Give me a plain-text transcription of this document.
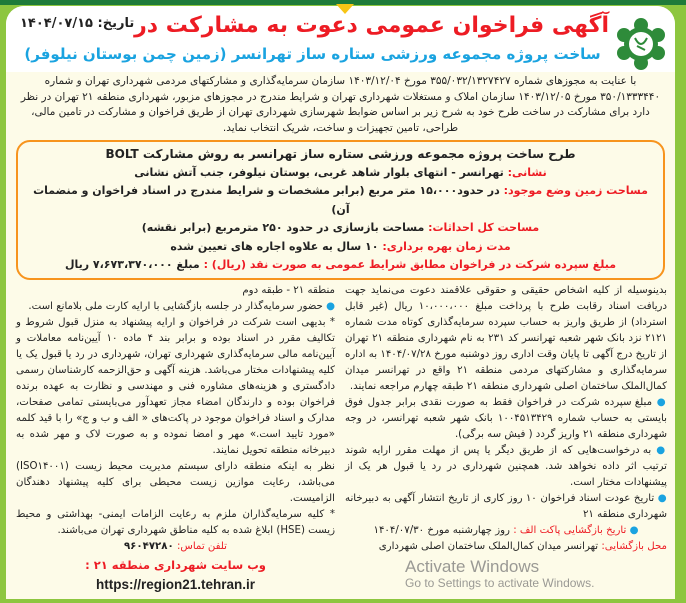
تاریخ: ۱۴۰۴/۰۷/۱۵ آگهی فراخوان عمومی دعوت به مشارکت در
ساخت پروژه مجموعه ورزشی ستاره ساز تهرانسر (زمین چمن بوستان نیلوفر)
با عنایت به مجوزهای شماره ۳۵۵/۰۳۲/۱۳۲۷۴۲۷ مورخ ۱۴۰۳/۱۲/۰۴ سازمان سرمایه‌گذاری و مشارکتهای مردمی شهرداری تهران و شماره ۳۵۰/۱۳۳۳۴۴۰ مورخ ۱۴۰۳/۱۲/۰۵ سازمان املاک و مستغلات شهرداری تهران و شرایط مندرج در مجوزهای مزبور، شهرداری منطقه ۲۱ تهران در نظر دارد برای مشارکت در ساخت طرح خود به شرح زیر بر اساس ضوابط شهرسازی شهرداری تهران از طریق فراخوان و مشارکت در تامین مالی، طراحی، تامین تجهیزات و ساخت، شریک انتخاب نماید.
طرح ساخت پروژه مجموعه ورزشی ستاره ساز تهرانسر به روش مشارکت BOLT
نشانی: تهرانسر - انتهای بلوار شاهد غربی، بوستان نیلوفر، جنب آتش نشانی
مساحت زمین وضع موجود: در حدود۱۵،۰۰۰ متر مربع (برابر مشخصات و شرایط مندرج در اسناد فراخوان و منضمات آن)
مساحت کل احداثات: مساحت بازسازی در حدود ۲۵۰ مترمربع (برابر نقشه)
مدت زمان بهره برداری: ۱۰ سال به علاوه اجاره های تعیین شده
مبلغ سپرده شرکت در فراخوان مطابق شرایط عمومی به صورت نقد (ریال) : مبلغ ۷،۶۷۳،۳۷۰،۰۰۰ ریال
بدینوسیله از کلیه اشخاص حقیقی و حقوقی علاقمند دعوت می‌نماید جهت دریافت اسناد رقابت طرح با پرداخت مبلغ ۱۰،۰۰۰،۰۰۰ ریال (غیر قابل استرداد) از طریق واریز به حساب سپرده سرمایه‌گذاری کوتاه مدت شماره ۲۱۲۱ نزد بانک شهر شعبه تهرانسر کد ۲۳۱ به نام شهرداری منطقه ۲۱ تهران از تاریخ درج آگهی تا پایان وقت اداری روز دوشنبه مورخ ۱۴۰۴/۰۷/۲۸ به اداره سرمایه‌گذاری و مشارکتهای مردمی منطقه ۲۱ واقع در تهرانسر میدان کمال‌الملک ساختمان اصلی شهرداری منطقه ۲۱ طبقه چهارم مراجعه نمایند.
● مبلغ سپرده شرکت در فراخوان فقط به صورت نقدی برابر جدول فوق بایستی به حساب شماره ۱۰۰۴۵۱۳۴۲۹ بانک شهر شعبه تهرانسر، در وجه شهرداری منطقه ۲۱ واریز گردد ( فیش سه برگی).
● به درخواست‌هایی که از طریق دیگر یا پس از مهلت مقرر ارایه شوند ترتیب اثر داده نخواهد شد. همچنین شهرداری در رد یا قبول هر یک از پیشنهادات مختار است.
● تاریخ عودت اسناد فراخوان ۱۰ روز کاری از تاریخ انتشار آگهی به دبیرخانه شهرداری منطقه ۲۱
● تاریخ بازگشایی پاکت الف : روز چهارشنبه مورخ ۱۴۰۴/۰۷/۳۰
محل بازگشایی: تهرانسر میدان کمال‌الملک ساختمان اصلی شهرداری
Activate Windows
Go to Settings to activate Windows.
منطقه ۲۱ - طبقه دوم
● حضور سرمایه‌گذار در جلسه بازگشایی با ارایه کارت ملی بلامانع است.
* بدیهی است شرکت در فراخوان و ارایه پیشنهاد به منزل قبول شروط و تکالیف مقرر در اسناد بوده و برابر بند ۴ ماده ۱۰ آیین‌نامه معاملات و آیین‌نامه مالی سرمایه‌گذاری شهرداری تهران، شهرداری در رد یا قبول یک یا کلیه پیشنهادات مختار می‌باشد. هزینه آگهی و حق‌الزحمه کارشناسان رسمی دادگستری و هزینه‌های مشاوره فنی و مهندسی و نظارت به عهده برنده فراخوان بوده و دارندگان امضاء مجاز تعهدآور می‌بایستی تمامی صفحات، مدارک و اسناد فراخوان موجود در پاکت‌های « الف و ب و ج» را با قید کلمه «مورد تایید است.» مهر و امضا نموده و به صورت لاک و مهر شده به دبیرخانه منطقه تحویل نمایند.
نظر به اینکه منطقه دارای سیستم مدیریت محیط زیست (ISO۱۴۰۰۱) می‌باشد، رعایت موازین زیست محیطی برای کلیه پیشنهاد دهندگان الزامیست.
* کلیه سرمایه‌گذاران ملزم به رعایت الزامات ایمنی- بهداشتی و محیط زیست (HSE) ابلاغ شده به کلیه مناطق شهرداری تهران می‌باشند.
تلفن تماس: ۹۶۰۴۷۲۸۰
وب سایت شهرداری منطقه ۲۱ : https://region21.tehran.ir
